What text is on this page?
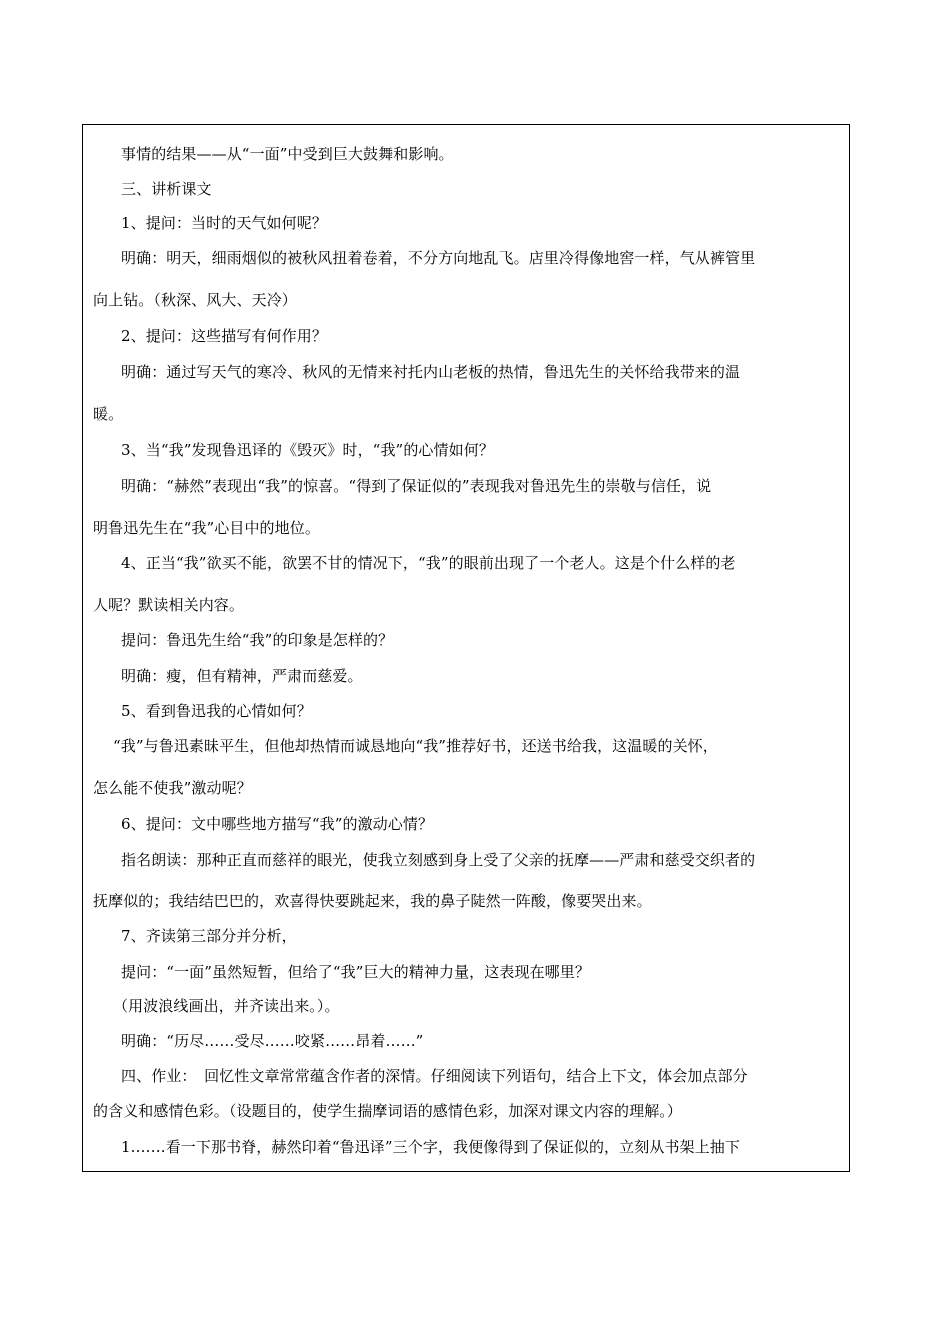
事情的结果——从“一面”中受到巨大鼓舞和影响。
三、讲析课文
1、提问：当时的天气如何呢？
明确：明天，细雨烟似的被秋风扭着卷着，不分方向地乱飞。店里冷得像地窖一样，气从裤管里
向上钻。（秋深、风大、天冷）
2、提问：这些描写有何作用？
明确：通过写天气的寒冷、秋风的无情来衬托内山老板的热情，鲁迅先生的关怀给我带来的温
暖。
3、当“我”发现鲁迅译的《毁灭》时，“我”的心情如何？
明确：“赫然”表现出“我”的惊喜。“得到了保证似的”表现我对鲁迅先生的崇敬与信任，说
明鲁迅先生在“我”心目中的地位。
4、正当“我”欲买不能，欲罢不甘的情况下，“我”的眼前出现了一个老人。这是个什么样的老
人呢？默读相关内容。
提问：鲁迅先生给“我”的印象是怎样的？
明确：瘦，但有精神，严肃而慈爱。
5、看到鲁迅我的心情如何？
“我”与鲁迅素昧平生，但他却热情而诚恳地向“我”推荐好书，还送书给我，这温暖的关怀，
怎么能不使我”激动呢？
6、提问：文中哪些地方描写“我”的激动心情？
指名朗读：那种正直而慈祥的眼光，使我立刻感到身上受了父亲的抚摩——严肃和慈受交织者的
抚摩似的；我结结巴巴的，欢喜得快要跳起来，我的鼻子陡然一阵酸，像要哭出来。
7、齐读第三部分并分析，
提问：“一面”虽然短暂，但给了“我”巨大的精神力量，这表现在哪里？
（用波浪线画出，并齐读出来。）。
明确：“历尽……受尽……咬紧……昂着……”
四、作业：　回忆性文章常常蕴含作者的深情。仔细阅读下列语句，结合上下文，体会加点部分
的含义和感情色彩。（设题目的，使学生揣摩词语的感情色彩，加深对课文内容的理解。）
1.……看一下那书脊，赫然印着“鲁迅译”三个字，我便像得到了保证似的，立刻从书架上抽下
